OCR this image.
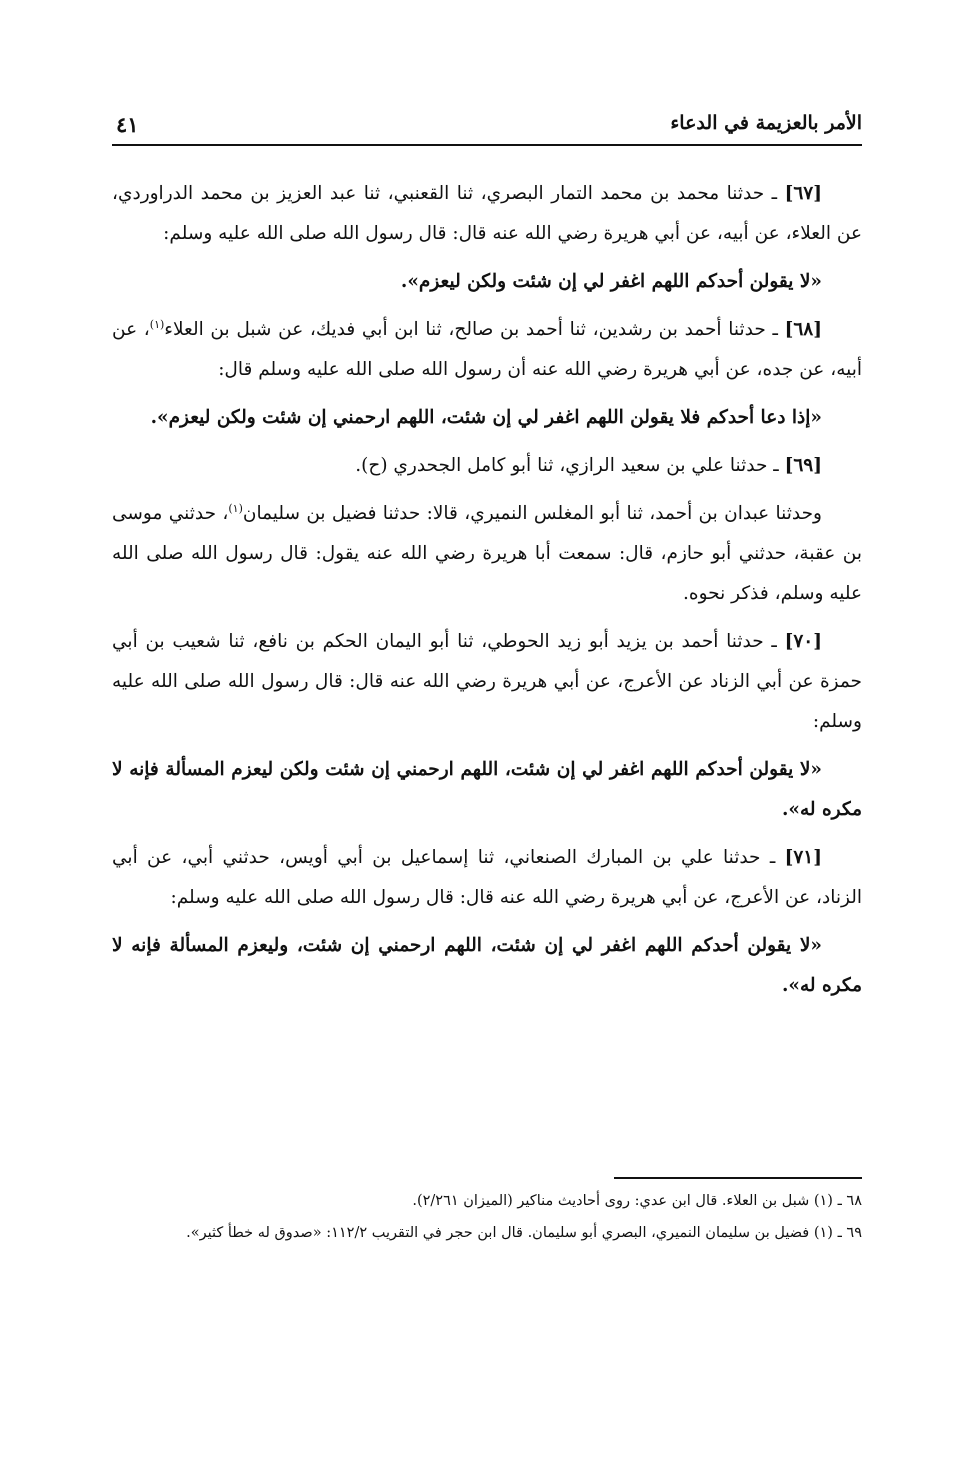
الأمر بالعزيمة في الدعاء
٤١

[٦٧] ـ حدثنا محمد بن محمد التمار البصري، ثنا القعنبي، ثنا عبد العزيز بن محمد الدراوردي، عن العلاء، عن أبيه، عن أبي هريرة رضي الله عنه قال: قال رسول الله صلى الله عليه وسلم:

«لا يقولن أحدكم اللهم اغفر لي إن شئت ولكن ليعزم».

[٦٨] ـ حدثنا أحمد بن رشدين، ثنا أحمد بن صالح، ثنا ابن أبي فديك، عن شبل بن العلاء$^{(١)}$، عن أبيه، عن جده، عن أبي هريرة رضي الله عنه أن رسول الله صلى الله عليه وسلم قال:

«إذا دعا أحدكم فلا يقولن اللهم اغفر لي إن شئت، اللهم ارحمني إن شئت ولكن ليعزم».

[٦٩] ـ حدثنا علي بن سعيد الرازي، ثنا أبو كامل الجحدري (ح).

وحدثنا عبدان بن أحمد، ثنا أبو المغلس النميري، قالا: حدثنا فضيل بن سليمان$^{(١)}$، حدثني موسى بن عقبة، حدثني أبو حازم، قال: سمعت أبا هريرة رضي الله عنه يقول: قال رسول الله صلى الله عليه وسلم، فذكر نحوه.

[٧٠] ـ حدثنا أحمد بن يزيد أبو زيد الحوطي، ثنا أبو اليمان الحكم بن نافع، ثنا شعيب بن أبي حمزة عن أبي الزناد عن الأعرج، عن أبي هريرة رضي الله عنه قال: قال رسول الله صلى الله عليه وسلم:

«لا يقولن أحدكم اللهم اغفر لي إن شئت، اللهم ارحمني إن شئت ولكن ليعزم المسألة فإنه لا مكره له».

[٧١] ـ حدثنا علي بن المبارك الصنعاني، ثنا إسماعيل بن أبي أويس، حدثني أبي، عن أبي الزناد، عن الأعرج، عن أبي هريرة رضي الله عنه قال: قال رسول الله صلى الله عليه وسلم:

«لا يقولن أحدكم اللهم اغفر لي إن شئت، اللهم ارحمني إن شئت، وليعزم المسألة فإنه لا مكره له».

٦٨ ـ (١) شبل بن العلاء. قال ابن عدي: روى أحاديث مناكير (الميزان ٢/٢٦١).

٦٩ ـ (١) فضيل بن سليمان النميري، البصري أبو سليمان. قال ابن حجر في التقريب ١١٢/٢: «صدوق له خطأ كثير».
